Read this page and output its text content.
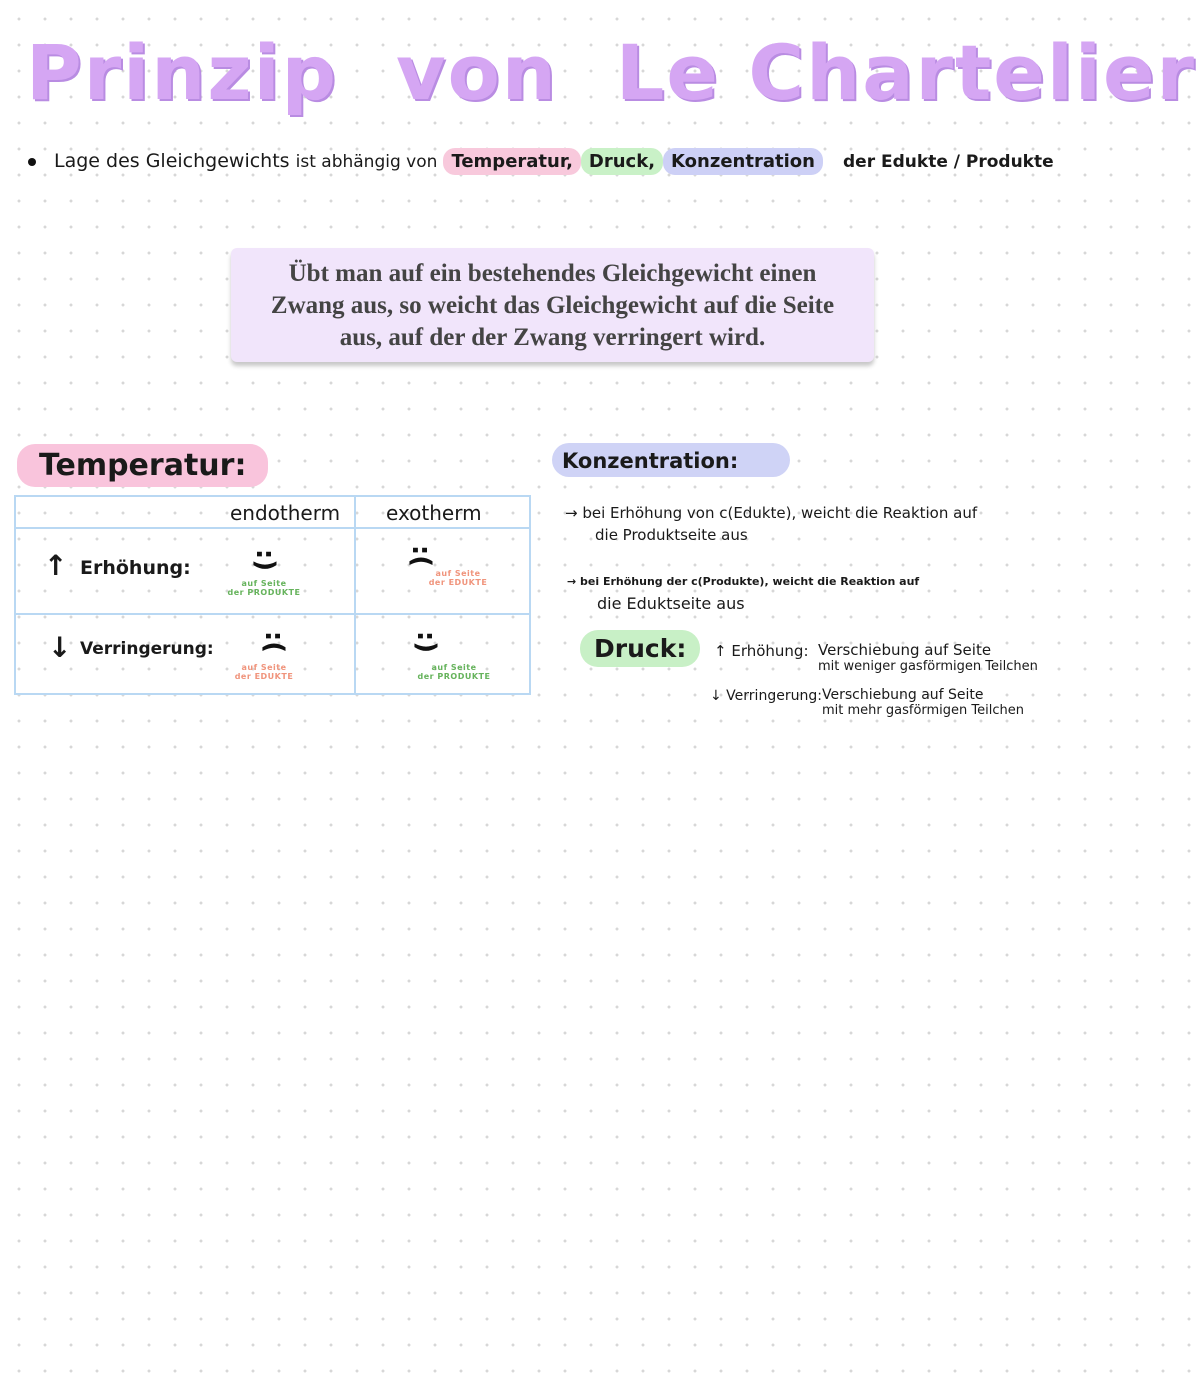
Prinzip von Le Chartelier
Lage des Gleichgewichts ist abhängig von Temperatur, Druck, Konzentration der Edukte / Produkte
Übt man auf ein bestehendes Gleichgewicht einen
Zwang aus, so weicht das Gleichgewicht auf die Seite
aus, auf der der Zwang verringert wird.
Temperatur:
endotherm exotherm
↑ Erhöhung: :)
auf Seite
der PRODUKTE
:(
auf Seite
der EDUKTE
↓ Verringerung: :(
auf Seite
der EDUKTE
:)
auf Seite
der PRODUKTE
Konzentration:
→ bei Erhöhung von c(Edukte), weicht die Reaktion auf
die Produktseite aus
→ bei Erhöhung der c(Produkte), weicht die Reaktion auf
die Eduktseite aus
Druck:	↑ Erhöhung: Verschiebung auf Seite
mit weniger gasförmigen Teilchen
↓ Verringerung: Verschiebung auf Seite
mit mehr gasförmigen Teilchen
